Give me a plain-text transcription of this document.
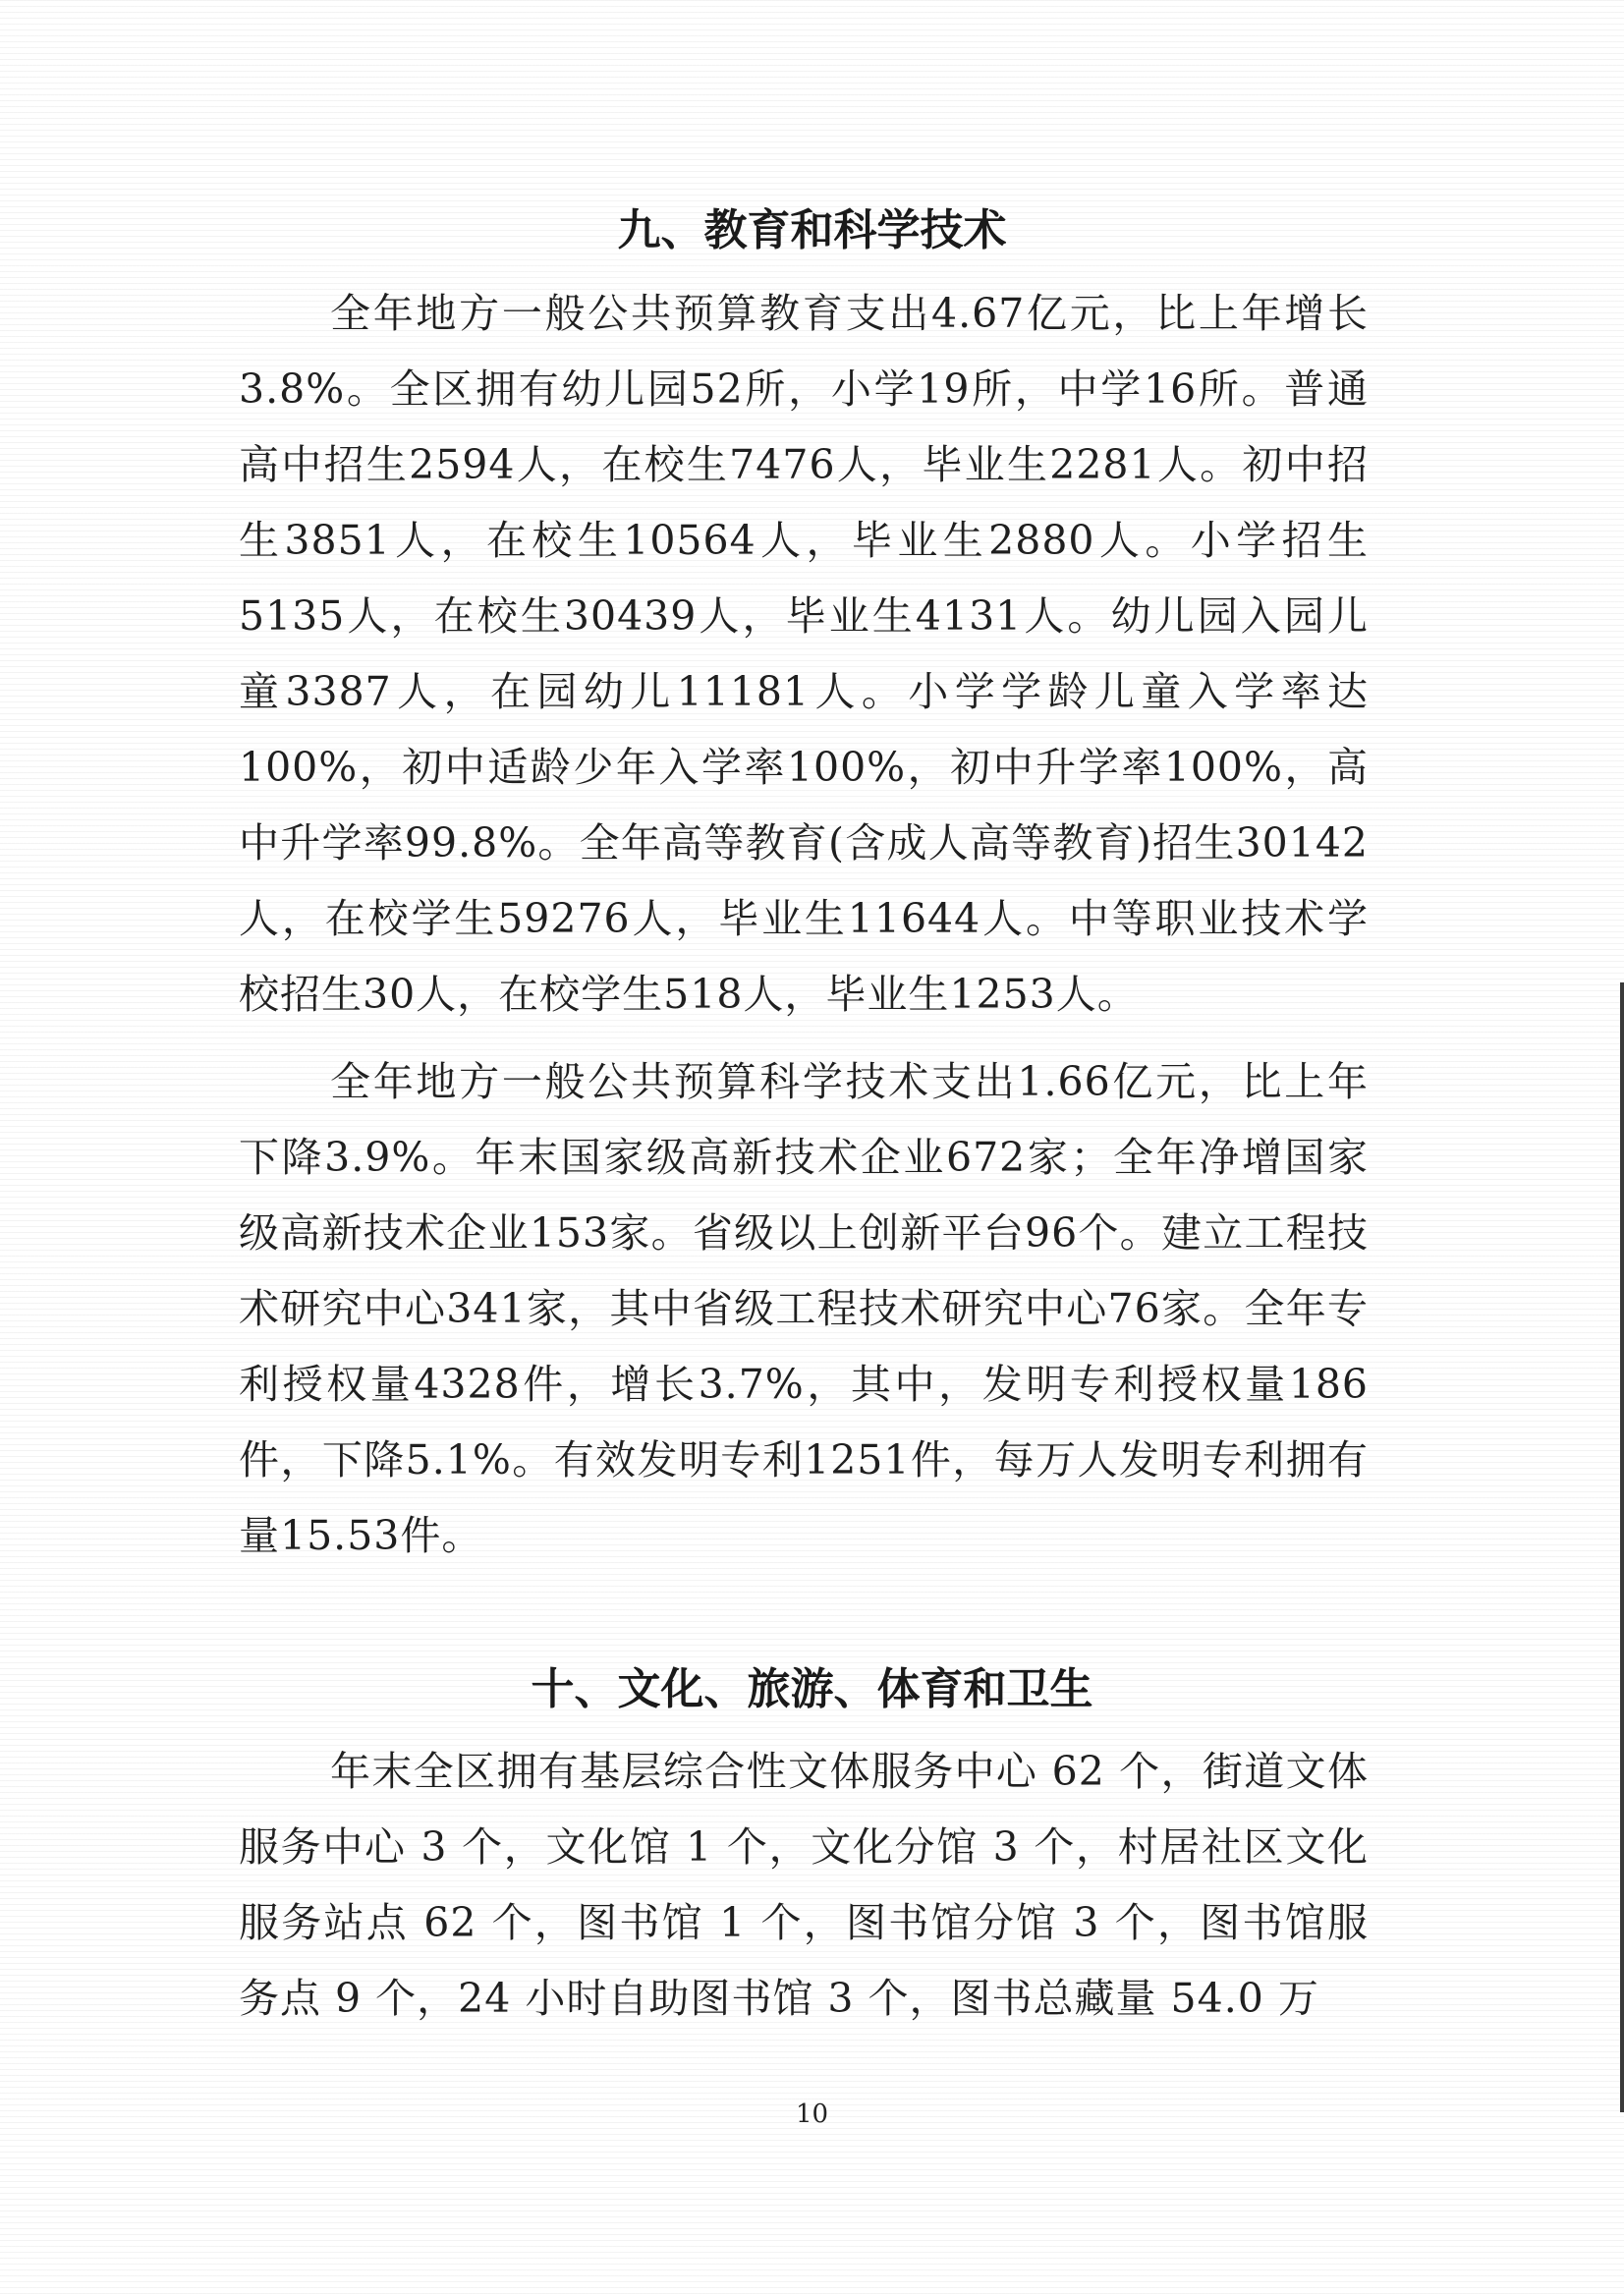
九、教育和科学技术

全年地方一般公共预算教育支出4.67亿元，比上年增长3.8%。全区拥有幼儿园52所，小学19所，中学16所。普通高中招生2594人，在校生7476人，毕业生2281人。初中招生3851人，在校生10564人，毕业生2880人。小学招生5135人，在校生30439人，毕业生4131人。幼儿园入园儿童3387人，在园幼儿11181人。小学学龄儿童入学率达100%，初中适龄少年入学率100%，初中升学率100%，高中升学率99.8%。全年高等教育(含成人高等教育)招生30142人，在校学生59276人，毕业生11644人。中等职业技术学校招生30人，在校学生518人，毕业生1253人。

全年地方一般公共预算科学技术支出1.66亿元，比上年下降3.9%。年末国家级高新技术企业672家；全年净增国家级高新技术企业153家。省级以上创新平台96个。建立工程技术研究中心341家，其中省级工程技术研究中心76家。全年专利授权量4328件，增长3.7%，其中，发明专利授权量186件，下降5.1%。有效发明专利1251件，每万人发明专利拥有量15.53件。

十、文化、旅游、体育和卫生

年末全区拥有基层综合性文体服务中心 62 个，街道文体服务中心 3 个，文化馆 1 个，文化分馆 3 个，村居社区文化服务站点 62 个，图书馆 1 个，图书馆分馆 3 个，图书馆服务点 9 个，24 小时自助图书馆 3 个，图书总藏量 54.0 万

10
